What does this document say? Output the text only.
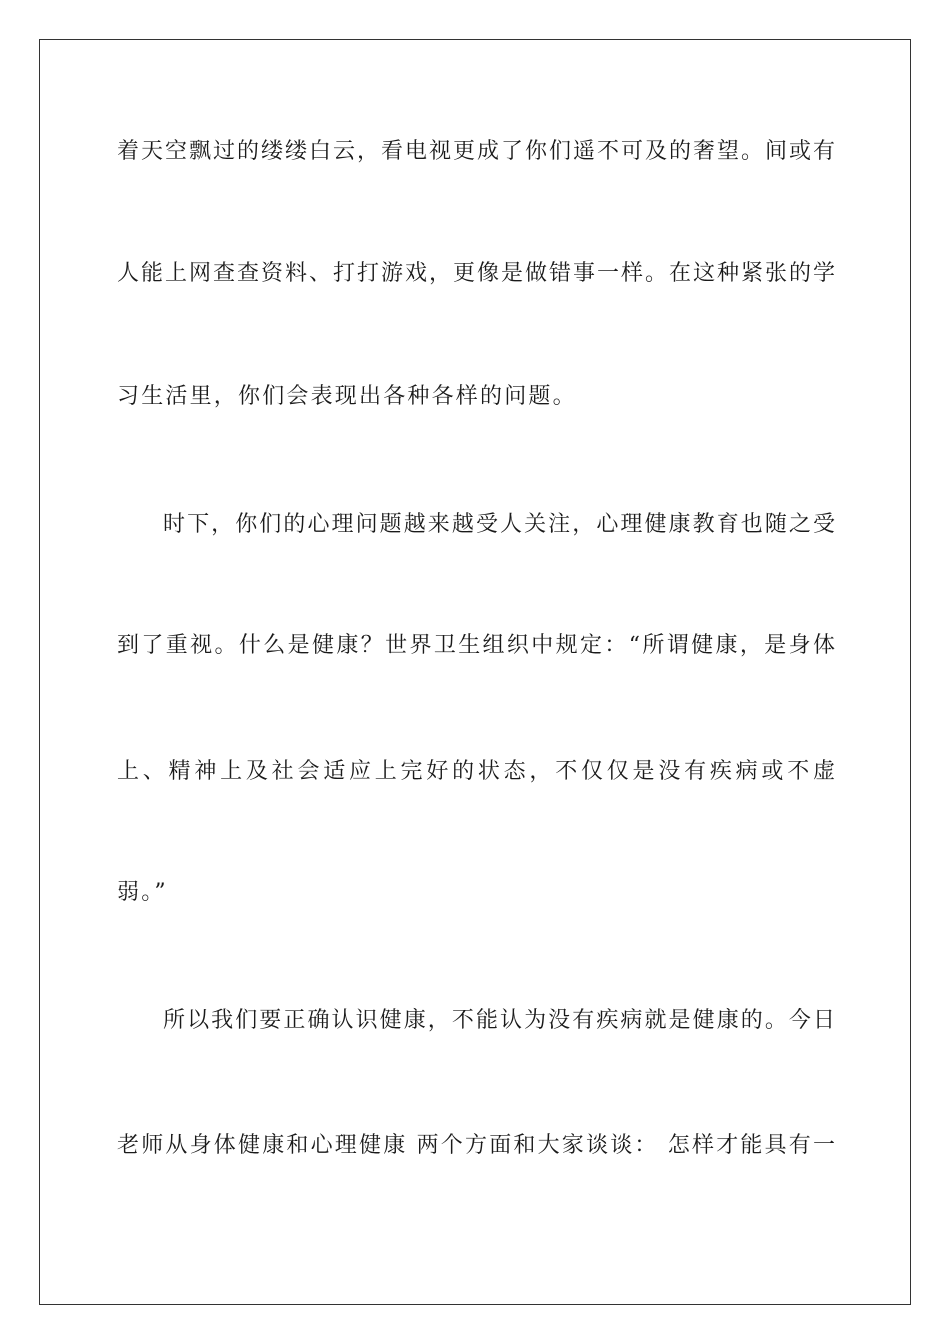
着天空飘过的缕缕白云，看电视更成了你们遥不可及的奢望。间或有
人能上网查查资料、打打游戏，更像是做错事一样。在这种紧张的学
习生活里，你们会表现出各种各样的问题。
时下，你们的心理问题越来越受人关注，心理健康教育也随之受
到了重视。什么是健康？世界卫生组织中规定：“所谓健康，是身体
上、精神上及社会适应上完好的状态，不仅仅是没有疾病或不虚
弱。”
所以我们要正确认识健康，不能认为没有疾病就是健康的。今日
老师从身体健康和心理健康 两个方面和大家谈谈： 怎样才能具有一
